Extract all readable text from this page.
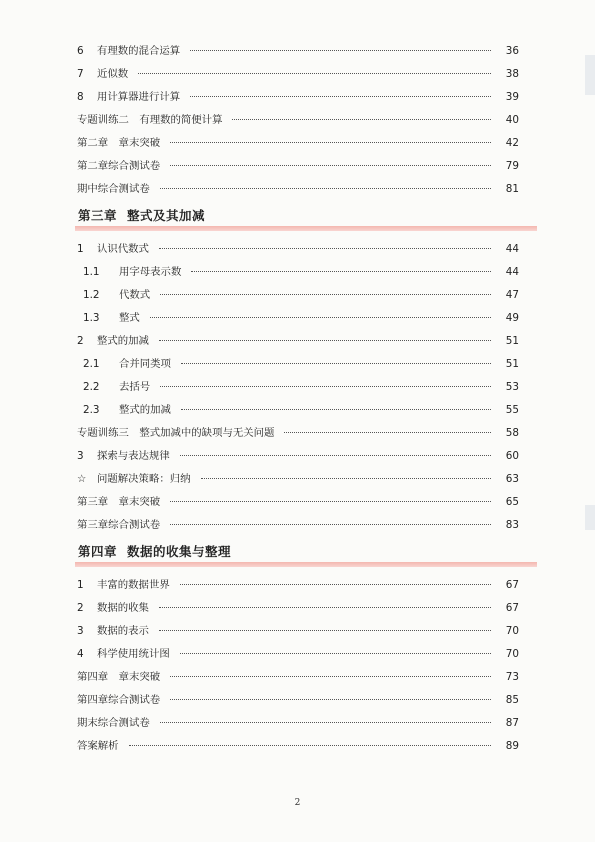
6	有理数的混合运算	36
7	近似数	38
8	用计算器进行计算	39
专题训练二　有理数的简便计算	40
第二章　章末突破	42
第二章综合测试卷	79
期中综合测试卷	81
第三章 整式及其加减
1	认识代数式	44
1.1	用字母表示数	44
1.2	代数式	47
1.3	整式	49
2	整式的加减	51
2.1	合并同类项	51
2.2	去括号	53
2.3	整式的加减	55
专题训练三　整式加减中的缺项与无关问题	58
3	探索与表达规律	60
☆	问题解决策略：归纳	63
第三章　章末突破	65
第三章综合测试卷	83
第四章 数据的收集与整理
1	丰富的数据世界	67
2	数据的收集	67
3	数据的表示	70
4	科学使用统计图	70
第四章　章末突破	73
第四章综合测试卷	85
期末综合测试卷	87
答案解析	89
2
